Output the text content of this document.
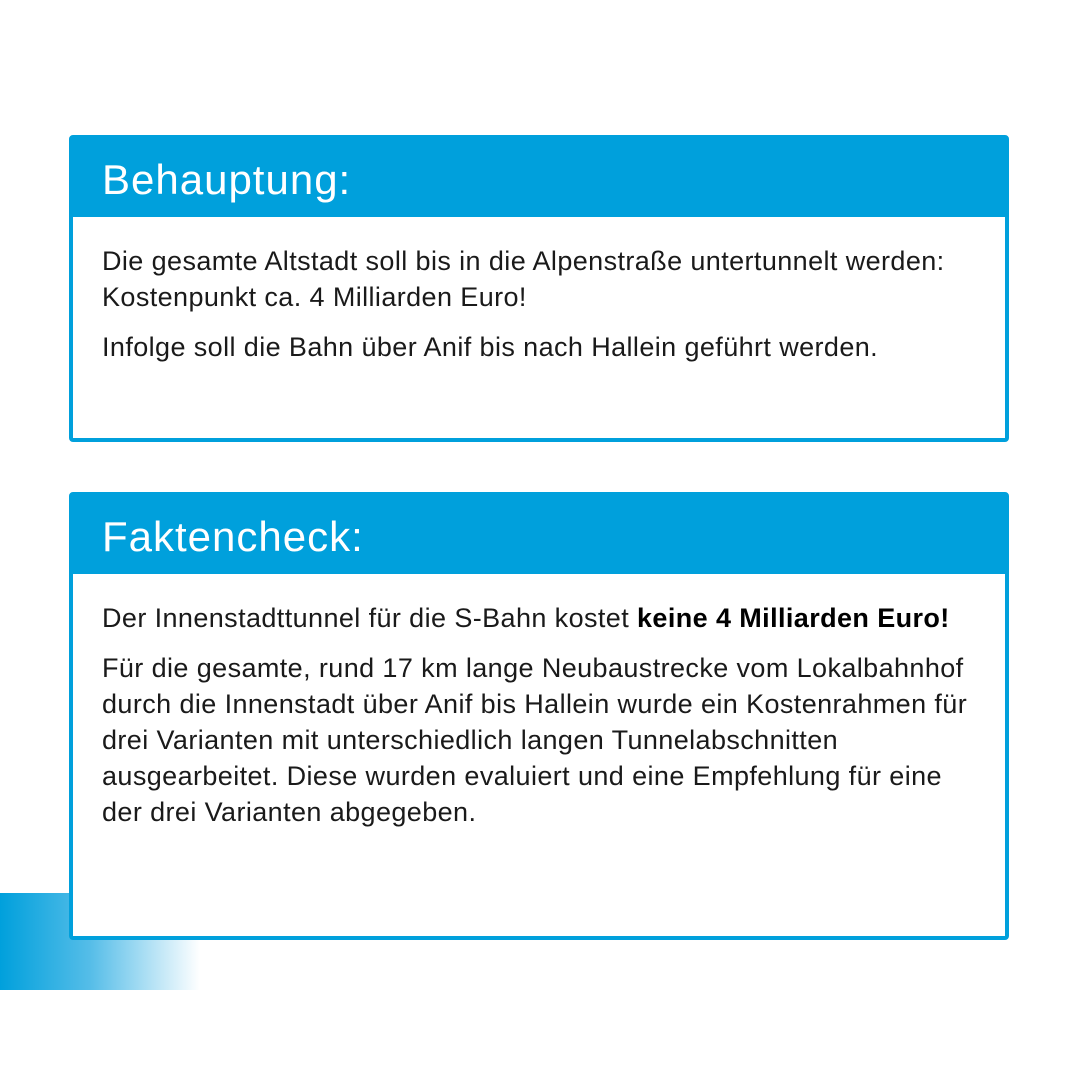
Behauptung:

Die gesamte Altstadt soll bis in die Alpenstraße untertunnelt werden: Kostenpunkt ca. 4 Milliarden Euro!

Infolge soll die Bahn über Anif bis nach Hallein geführt werden.

Faktencheck:

Der Innenstadttunnel für die S-Bahn kostet keine 4 Milliarden Euro!

Für die gesamte, rund 17 km lange Neubaustrecke vom Lokalbahnhof durch die Innenstadt über Anif bis Hallein wurde ein Kostenrahmen für drei Varianten mit unterschiedlich langen Tunnelabschnitten ausgearbeitet. Diese wurden evaluiert und eine Empfehlung für eine der drei Varianten abgegeben.
